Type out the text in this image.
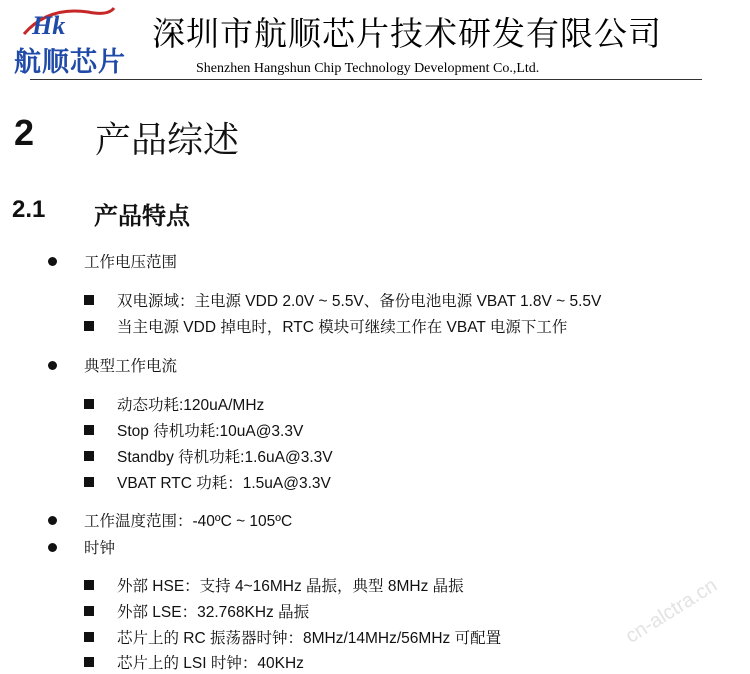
Hk
航顺芯片
深圳市航顺芯片技术研发有限公司
Shenzhen Hangshun Chip Technology Development Co.,Ltd.
2 产品综述
2.1 产品特点
工作电压范围
双电源域：主电源 VDD 2.0V ~ 5.5V、备份电池电源 VBAT 1.8V ~ 5.5V
当主电源 VDD 掉电时，RTC 模块可继续工作在 VBAT 电源下工作
典型工作电流
动态功耗:120uA/MHz
Stop 待机功耗:10uA@3.3V
Standby 待机功耗:1.6uA@3.3V
VBAT RTC 功耗：1.5uA@3.3V
工作温度范围：-40ºC ~ 105ºC
时钟
外部 HSE：支持 4~16MHz 晶振，典型 8MHz 晶振
外部 LSE：32.768KHz 晶振
芯片上的 RC 振荡器时钟：8MHz/14MHz/56MHz 可配置
芯片上的 LSI 时钟：40KHz
cn-alctra.cn
